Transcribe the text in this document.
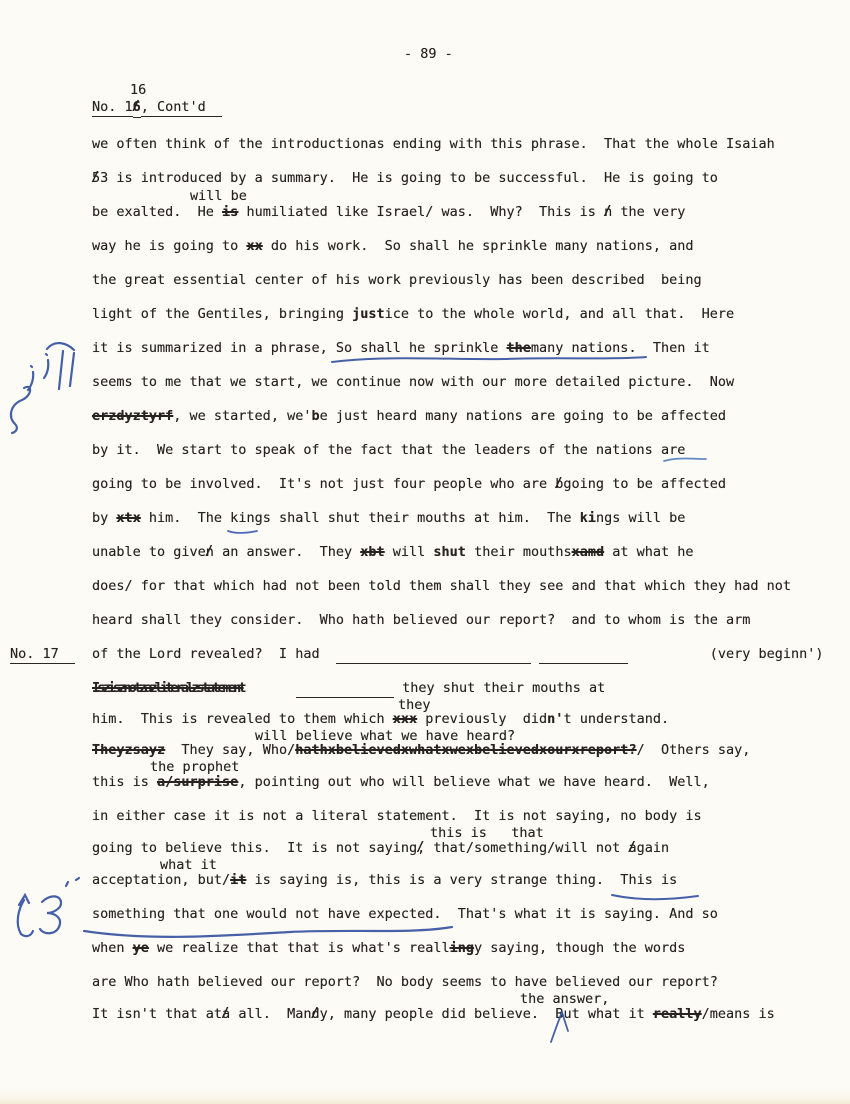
- 89 -
16
No. 16 /, Cont'd
we often think of the introductionas ending with this phrase.  That the whole Isaiah
5 /3 is introduced by a summary.  He is going to be successful.  He is going to
will be
be exalted.  He is humiliated like Israel/ was.  Why?  This is n / the very
way he is going to xx do his work.  So shall he sprinkle many nations, and
the great essential center of his work previously has been described  being
light of the Gentiles, bringing justice to the whole world, and all that.  Here
it is summarized in a phrase, So shall he sprinkle themany nations.  Then it
seems to me that we start, we continue now with our more detailed picture.  Now
erzdyztyrf, we started, we'be just heard many nations are going to be affected
by it.  We start to speak of the fact that the leaders of the nations are
going to be involved.  It's not just four people who are b /going to be affected
by xtx him.  The kings shall shut their mouths at him.  The kings will be
unable to given / an answer.  They xbt will shut their mouthsxamd at what he
does/ for that which had not been told them shall they see and that which they had not
heard shall they consider.  Who hath believed our report?  and to whom is the arm
No. 17 of the Lord revealed?  I had	(very beginn')
Iszisznotzazliteralzstatement	they shut their mouths at
they
him.  This is revealed to them which xxx previously  didn't understand.
will believe what we have heard?
Theyzsayz  They say, Who/hathxbelievedxwhatxwexbelievedxourxreport?/  Others say,
the prophet
this is a/surprise, pointing out who will believe what we have heard.  Well,
in either case it is not a literal statement.  It is not saying, no body is
this is   that
going to believe this.  It is not saying, / that/something/will not a /gain
what it
acceptation, but/it is saying is, this is a very strange thing.  This is
something that one would not have expected.  That's what it is saying. And so
when ye we realize that that is what's reallingy saying, though the words
are Who hath believed our report?  No body seems to have believed our report?
the answer,
It isn't that ata / all.  Mand /y, many people did believe.  But what it really/means is
